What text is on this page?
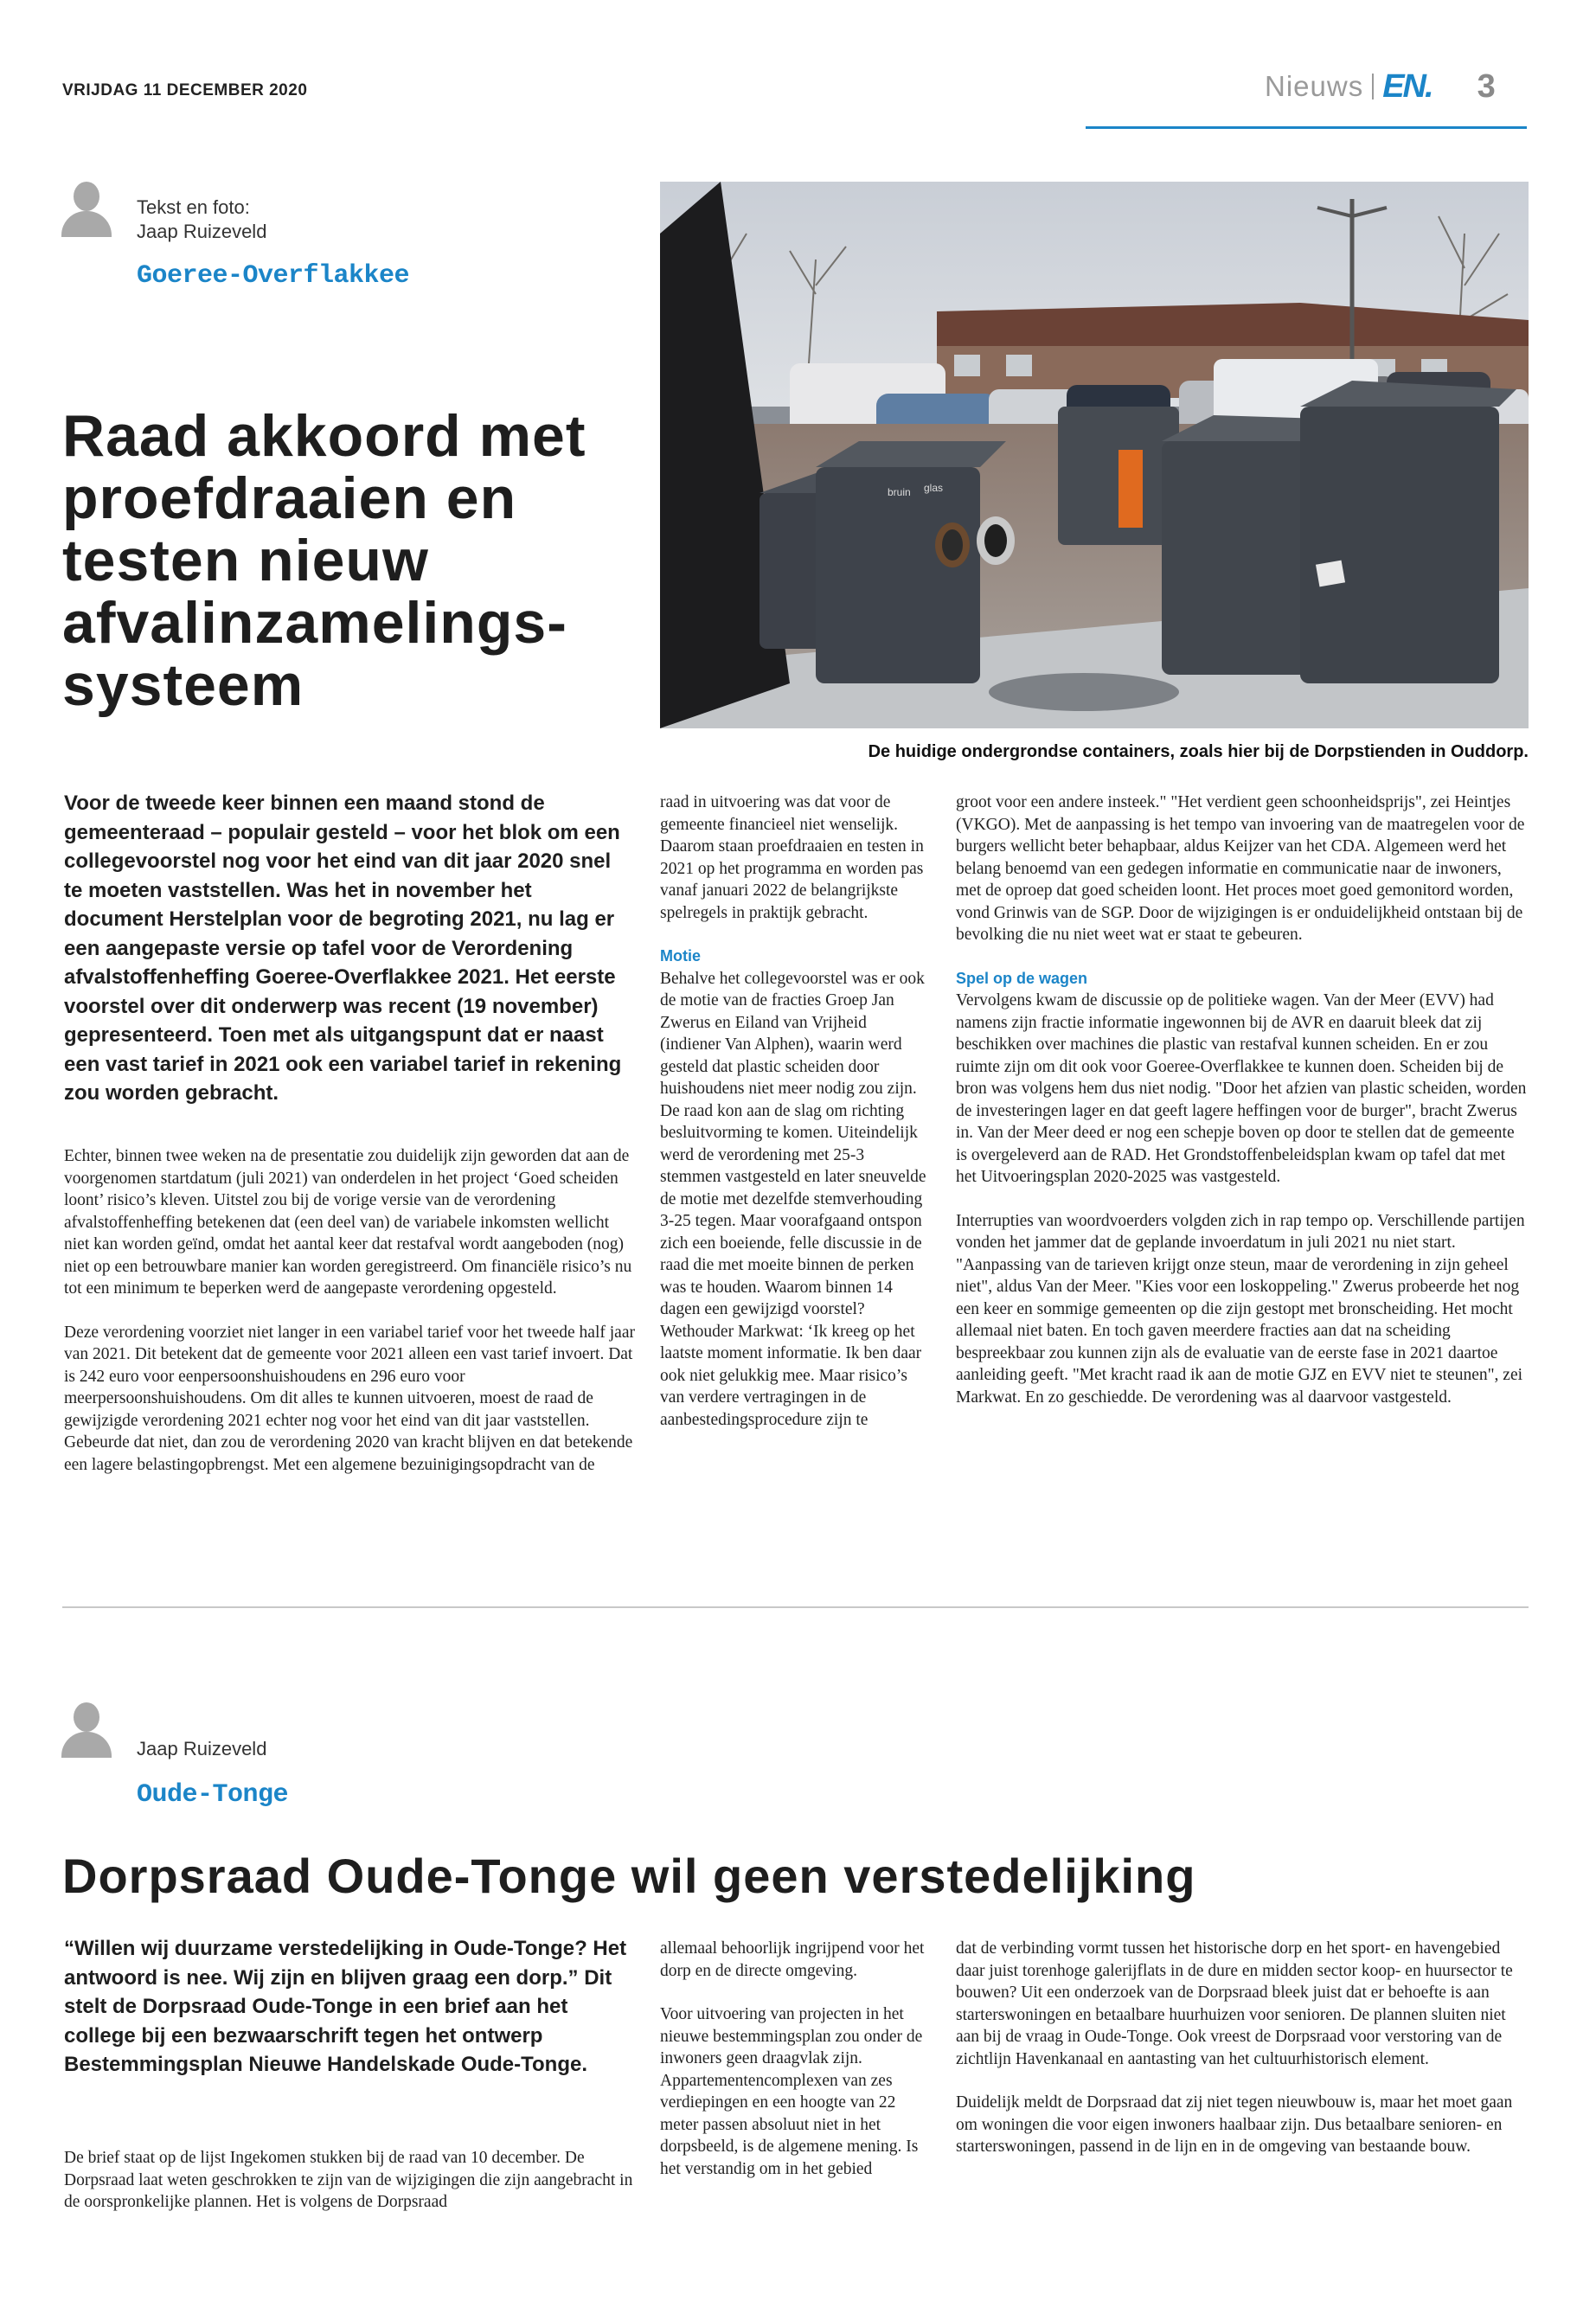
VRIJDAG 11 DECEMBER 2020	Nieuws EN. 3
Tekst en foto:
Jaap Ruizeveld
Goeree-Overflakkee
Raad akkoord met proefdraaien en testen nieuw afvalinzamelings-systeem
bruin glas
De huidige ondergrondse containers, zoals hier bij de Dorpstienden in Ouddorp.
Voor de tweede keer binnen een maand stond de gemeenteraad – populair gesteld – voor het blok om een collegevoorstel nog voor het eind van dit jaar 2020 snel te moeten vaststellen. Was het in november het document Herstelplan voor de begroting 2021, nu lag er een aangepaste versie op tafel voor de Verordening afvalstoffenheffing Goeree-Overflakkee 2021. Het eerste voorstel over dit onderwerp was recent (19 november) gepresenteerd. Toen met als uitgangspunt dat er naast een vast tarief in 2021 ook een variabel tarief in rekening zou worden gebracht.

Echter, binnen twee weken na de presentatie zou duidelijk zijn geworden dat aan de voorgenomen startdatum (juli 2021) van onderdelen in het project ‘Goed scheiden loont’ risico’s kleven. Uitstel zou bij de vorige versie van de verordening afvalstoffenheffing betekenen dat (een deel van) de variabele inkomsten wellicht niet kan worden geïnd, omdat het aantal keer dat restafval wordt aangeboden (nog) niet op een betrouwbare manier kan worden geregistreerd. Om financiële risico’s nu tot een minimum te beperken werd de aangepaste verordening opgesteld.

Deze verordening voorziet niet langer in een variabel tarief voor het tweede half jaar van 2021. Dit betekent dat de gemeente voor 2021 alleen een vast tarief invoert. Dat is 242 euro voor eenpersoonshuishoudens en 296 euro voor meerpersoonshuishoudens. Om dit alles te kunnen uitvoeren, moest de raad de gewijzigde verordening 2021 echter nog voor het eind van dit jaar vaststellen. Gebeurde dat niet, dan zou de verordening 2020 van kracht blijven en dat betekende een lagere belastingopbrengst. Met een algemene bezuinigingsopdracht van de

raad in uitvoering was dat voor de gemeente financieel niet wenselijk. Daarom staan proefdraaien en testen in 2021 op het programma en worden pas vanaf januari 2022 de belangrijkste spelregels in praktijk gebracht.

Motie

Behalve het collegevoorstel was er ook de motie van de fracties Groep Jan Zwerus en Eiland van Vrijheid (indiener Van Alphen), waarin werd gesteld dat plastic scheiden door huishoudens niet meer nodig zou zijn. De raad kon aan de slag om richting besluitvorming te komen. Uiteindelijk werd de verordening met 25-3 stemmen vastgesteld en later sneuvelde de motie met dezelfde stemverhouding 3-25 tegen. Maar voorafgaand ontspon zich een boeiende, felle discussie in de raad die met moeite binnen de perken was te houden. Waarom binnen 14 dagen een gewijzigd voorstel? Wethouder Markwat: ‘Ik kreeg op het laatste moment informatie. Ik ben daar ook niet gelukkig mee. Maar risico’s van verdere vertragingen in de aanbestedingsprocedure zijn te

groot voor een andere insteek." "Het verdient geen schoonheidsprijs", zei Heintjes (VKGO). Met de aanpassing is het tempo van invoering van de maatregelen voor de burgers wellicht beter behapbaar, aldus Keijzer van het CDA. Algemeen werd het belang benoemd van een gedegen informatie en communicatie naar de inwoners, met de oproep dat goed scheiden loont. Het proces moet goed gemonitord worden, vond Grinwis van de SGP. Door de wijzigingen is er onduidelijkheid ontstaan bij de bevolking die nu niet weet wat er staat te gebeuren.

Spel op de wagen

Vervolgens kwam de discussie op de politieke wagen. Van der Meer (EVV) had namens zijn fractie informatie ingewonnen bij de AVR en daaruit bleek dat zij beschikken over machines die plastic van restafval kunnen scheiden. En er zou ruimte zijn om dit ook voor Goeree-Overflakkee te kunnen doen. Scheiden bij de bron was volgens hem dus niet nodig. "Door het afzien van plastic scheiden, worden de investeringen lager en dat geeft lagere heffingen voor de burger", bracht Zwerus in. Van der Meer deed er nog een schepje boven op door te stellen dat de gemeente is overgeleverd aan de RAD. Het Grondstoffenbeleidsplan kwam op tafel dat met het Uitvoeringsplan 2020-2025 was vastgesteld.

Interrupties van woordvoerders volgden zich in rap tempo op. Verschillende partijen vonden het jammer dat de geplande invoerdatum in juli 2021 nu niet start. "Aanpassing van de tarieven krijgt onze steun, maar de verordening in zijn geheel niet", aldus Van der Meer. "Kies voor een loskoppeling." Zwerus probeerde het nog een keer en sommige gemeenten op die zijn gestopt met bronscheiding. Het mocht allemaal niet baten. En toch gaven meerdere fracties aan dat na scheiding bespreekbaar zou kunnen zijn als de evaluatie van de eerste fase in 2021 daartoe aanleiding geeft. "Met kracht raad ik aan de motie GJZ en EVV niet te steunen", zei Markwat. En zo geschiedde. De verordening was al daarvoor vastgesteld.

Jaap Ruizeveld
Oude-Tonge
Dorpsraad Oude-Tonge wil geen verstedelijking
“Willen wij duurzame verstedelijking in Oude-Tonge? Het antwoord is nee. Wij zijn en blijven graag een dorp.” Dit stelt de Dorpsraad Oude-Tonge in een brief aan het college bij een bezwaarschrift tegen het ontwerp Bestemmingsplan Nieuwe Handelskade Oude-Tonge.

De brief staat op de lijst Ingekomen stukken bij de raad van 10 december. De Dorpsraad laat weten geschrokken te zijn van de wijzigingen die zijn aangebracht in de oorspronkelijke plannen. Het is volgens de Dorpsraad

allemaal behoorlijk ingrijpend voor het dorp en de directe omgeving.

Voor uitvoering van projecten in het nieuwe bestemmingsplan zou onder de inwoners geen draagvlak zijn. Appartementencomplexen van zes verdiepingen en een hoogte van 22 meter passen absoluut niet in het dorpsbeeld, is de algemene mening. Is het verstandig om in het gebied

dat de verbinding vormt tussen het historische dorp en het sport- en havengebied daar juist torenhoge galerijflats in de dure en midden sector koop- en huursector te bouwen? Uit een onderzoek van de Dorpsraad bleek juist dat er behoefte is aan starterswoningen en betaalbare huurhuizen voor senioren. De plannen sluiten niet aan bij de vraag in Oude-Tonge. Ook vreest de Dorpsraad voor verstoring van de zichtlijn Havenkanaal en aantasting van het cultuurhistorisch element.

Duidelijk meldt de Dorpsraad dat zij niet tegen nieuwbouw is, maar het moet gaan om woningen die voor eigen inwoners haalbaar zijn. Dus betaalbare senioren- en starterswoningen, passend in de lijn en in de omgeving van bestaande bouw.
